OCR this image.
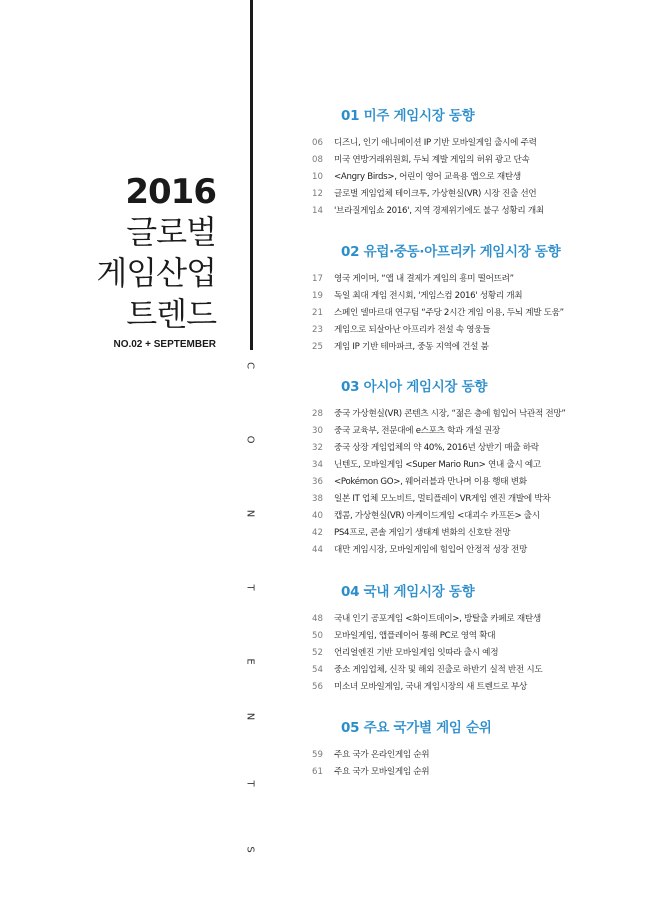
2016
글로벌
게임산업
트렌드
NO.02 + SEPTEMBER
C
O
N
T
E
N
T
S
01 미주 게임시장 동향
06 디즈니, 인기 애니메이션 IP 기반 모바일게임 출시에 주력
08 미국 연방거래위원회, 두뇌 계발 게임의 허위 광고 단속
10 <Angry Birds>, 어린이 영어 교육용 앱으로 재탄생
12 글로벌 게임업체 테이크투, 가상현실(VR) 시장 진출 선언
14 '브라질게임쇼 2016', 지역 경제위기에도 불구 성황리 개최
02 유럽·중동·아프리카 게임시장 동향
17 영국 게이머, “앱 내 결제가 게임의 흥미 떨어뜨려”
19 독일 최대 게임 전시회, '게임스컴 2016' 성황리 개최
21 스페인 델마르대 연구팀 “주당 2시간 게임 이용, 두뇌 계발 도움”
23 게임으로 되살아난 아프리카 전설 속 영웅들
25 게임 IP 기반 테마파크, 중동 지역에 건설 붐
03 아시아 게임시장 동향
28 중국 가상현실(VR) 콘텐츠 시장, “젊은 층에 힘입어 낙관적 전망”
30 중국 교육부, 전문대에 e스포츠 학과 개설 권장
32 중국 상장 게임업체의 약 40%, 2016년 상반기 매출 하락
34 닌텐도, 모바일게임 <Super Mario Run> 연내 출시 예고
36 <Pokémon GO>, 웨어러블과 만나며 이용 행태 변화
38 일본 IT 업체 모노비트, 멀티플레이 VR게임 엔진 개발에 박차
40 캡콤, 가상현실(VR) 아케이드게임 <대괴수 카프돈> 출시
42 PS4프로, 콘솔 게임기 생태계 변화의 신호탄 전망
44 대만 게임시장, 모바일게임에 힘입어 안정적 성장 전망
04 국내 게임시장 동향
48 국내 인기 공포게임 <화이트데이>, 방탈출 카페로 재탄생
50 모바일게임, 앱플레이어 통해 PC로 영역 확대
52 언리얼엔진 기반 모바일게임 잇따라 출시 예정
54 중소 게임업체, 신작 및 해외 진출로 하반기 실적 반전 시도
56 미소녀 모바일게임, 국내 게임시장의 새 트렌드로 부상
05 주요 국가별 게임 순위
59 주요 국가 온라인게임 순위
61 주요 국가 모바일게임 순위
